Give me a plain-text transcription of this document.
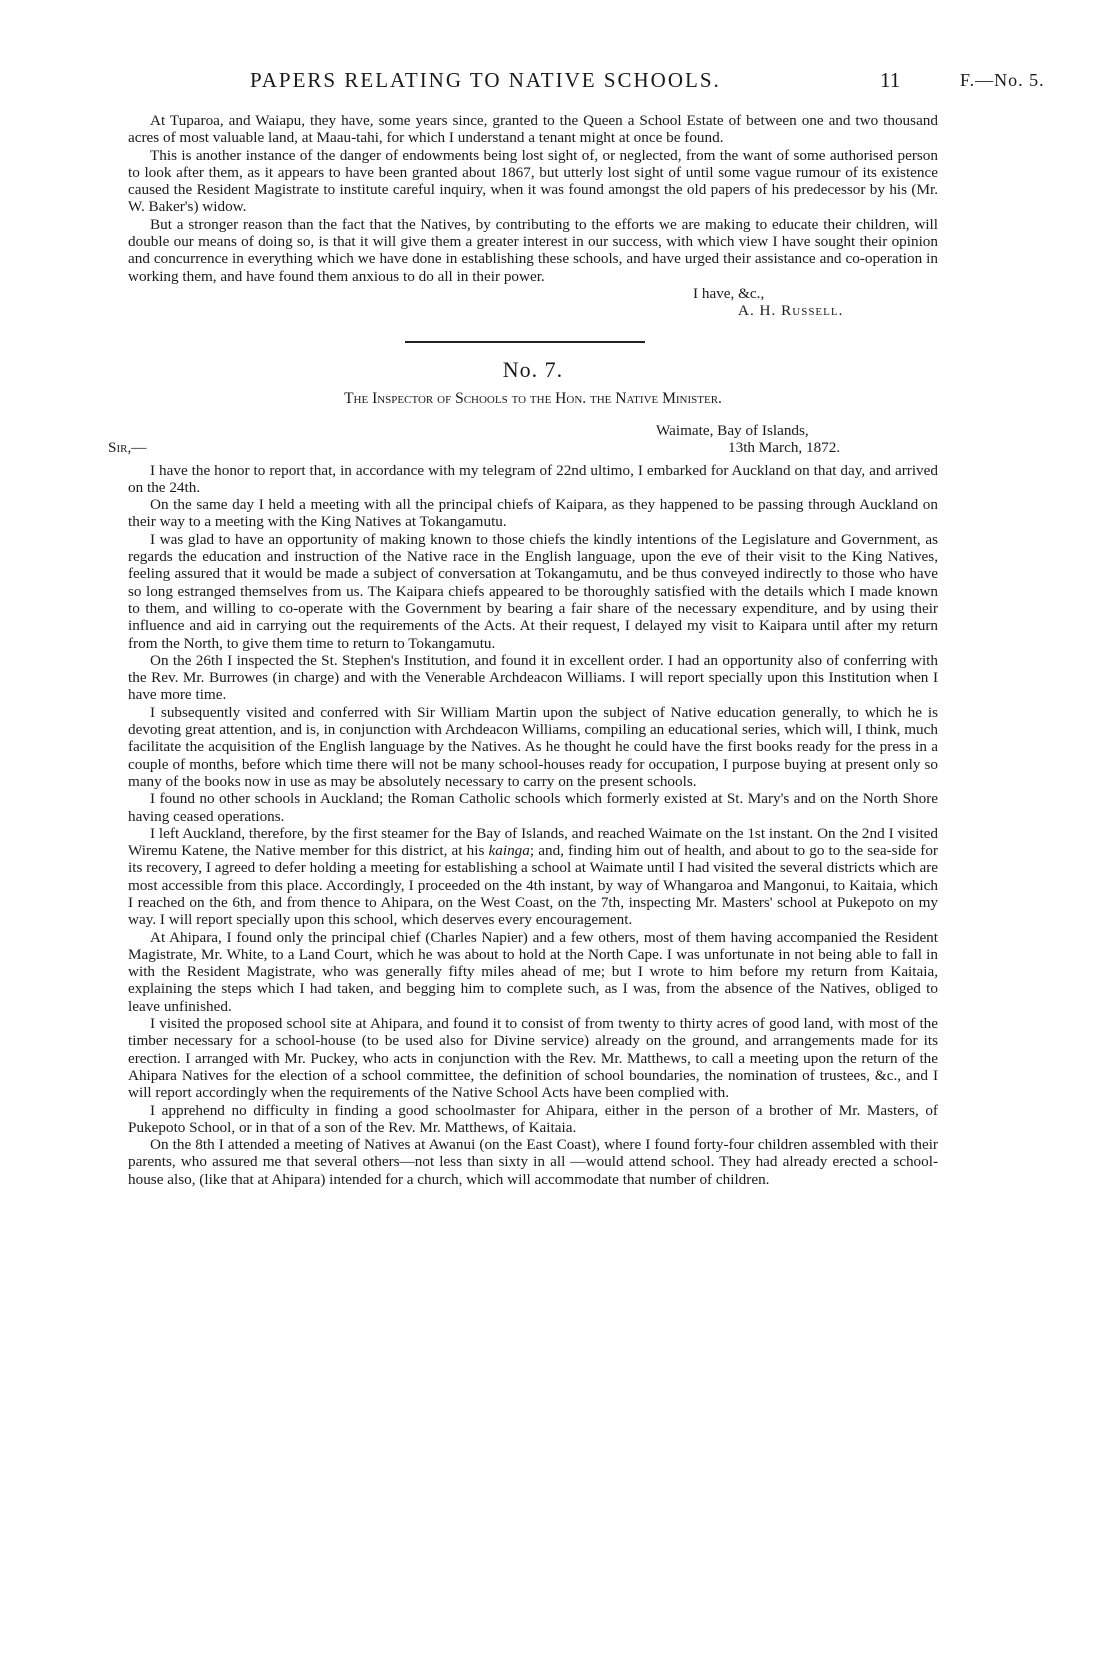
PAPERS RELATING TO NATIVE SCHOOLS.	11	F.—No. 5.

At Tuparoa, and Waiapu, they have, some years since, granted to the Queen a School Estate of between one and two thousand acres of most valuable land, at Maau-tahi, for which I understand a tenant might at once be found.

This is another instance of the danger of endowments being lost sight of, or neglected, from the want of some authorised person to look after them, as it appears to have been granted about 1867, but utterly lost sight of until some vague rumour of its existence caused the Resident Magistrate to institute careful inquiry, when it was found amongst the old papers of his predecessor by his (Mr. W. Baker's) widow.

But a stronger reason than the fact that the Natives, by contributing to the efforts we are making to educate their children, will double our means of doing so, is that it will give them a greater interest in our success, with which view I have sought their opinion and concurrence in everything which we have done in establishing these schools, and have urged their assistance and co-operation in working them, and have found them anxious to do all in their power.

I have, &c.,
A. H. Russell.
No. 7.
The Inspector of Schools to the Hon. the Native Minister.
Waimate, Bay of Islands,
13th March, 1872.
Sir,—

I have the honor to report that, in accordance with my telegram of 22nd ultimo, I embarked for Auckland on that day, and arrived on the 24th.

On the same day I held a meeting with all the principal chiefs of Kaipara, as they happened to be passing through Auckland on their way to a meeting with the King Natives at Tokangamutu.

I was glad to have an opportunity of making known to those chiefs the kindly intentions of the Legislature and Government, as regards the education and instruction of the Native race in the English language, upon the eve of their visit to the King Natives, feeling assured that it would be made a subject of conversation at Tokangamutu, and be thus conveyed indirectly to those who have so long estranged themselves from us. The Kaipara chiefs appeared to be thoroughly satisfied with the details which I made known to them, and willing to co-operate with the Government by bearing a fair share of the necessary expenditure, and by using their influence and aid in carrying out the requirements of the Acts. At their request, I delayed my visit to Kaipara until after my return from the North, to give them time to return to Tokangamutu.

On the 26th I inspected the St. Stephen's Institution, and found it in excellent order. I had an opportunity also of conferring with the Rev. Mr. Burrowes (in charge) and with the Venerable Archdeacon Williams. I will report specially upon this Institution when I have more time.

I subsequently visited and conferred with Sir William Martin upon the subject of Native education generally, to which he is devoting great attention, and is, in conjunction with Archdeacon Williams, compiling an educational series, which will, I think, much facilitate the acquisition of the English language by the Natives. As he thought he could have the first books ready for the press in a couple of months, before which time there will not be many school-houses ready for occupation, I purpose buying at present only so many of the books now in use as may be absolutely necessary to carry on the present schools.

I found no other schools in Auckland; the Roman Catholic schools which formerly existed at St. Mary's and on the North Shore having ceased operations.

I left Auckland, therefore, by the first steamer for the Bay of Islands, and reached Waimate on the 1st instant. On the 2nd I visited Wiremu Katene, the Native member for this district, at his kainga; and, finding him out of health, and about to go to the sea-side for its recovery, I agreed to defer holding a meeting for establishing a school at Waimate until I had visited the several districts which are most accessible from this place. Accordingly, I proceeded on the 4th instant, by way of Whangaroa and Mangonui, to Kaitaia, which I reached on the 6th, and from thence to Ahipara, on the West Coast, on the 7th, inspecting Mr. Masters' school at Pukepoto on my way. I will report specially upon this school, which deserves every encouragement.

At Ahipara, I found only the principal chief (Charles Napier) and a few others, most of them having accompanied the Resident Magistrate, Mr. White, to a Land Court, which he was about to hold at the North Cape. I was unfortunate in not being able to fall in with the Resident Magistrate, who was generally fifty miles ahead of me; but I wrote to him before my return from Kaitaia, explaining the steps which I had taken, and begging him to complete such, as I was, from the absence of the Natives, obliged to leave unfinished.

I visited the proposed school site at Ahipara, and found it to consist of from twenty to thirty acres of good land, with most of the timber necessary for a school-house (to be used also for Divine service) already on the ground, and arrangements made for its erection. I arranged with Mr. Puckey, who acts in conjunction with the Rev. Mr. Matthews, to call a meeting upon the return of the Ahipara Natives for the election of a school committee, the definition of school boundaries, the nomination of trustees, &c., and I will report accordingly when the requirements of the Native School Acts have been complied with.

I apprehend no difficulty in finding a good schoolmaster for Ahipara, either in the person of a brother of Mr. Masters, of Pukepoto School, or in that of a son of the Rev. Mr. Matthews, of Kaitaia.

On the 8th I attended a meeting of Natives at Awanui (on the East Coast), where I found forty-four children assembled with their parents, who assured me that several others—not less than sixty in all —would attend school. They had already erected a school-house also, (like that at Ahipara) intended for a church, which will accommodate that number of children.
